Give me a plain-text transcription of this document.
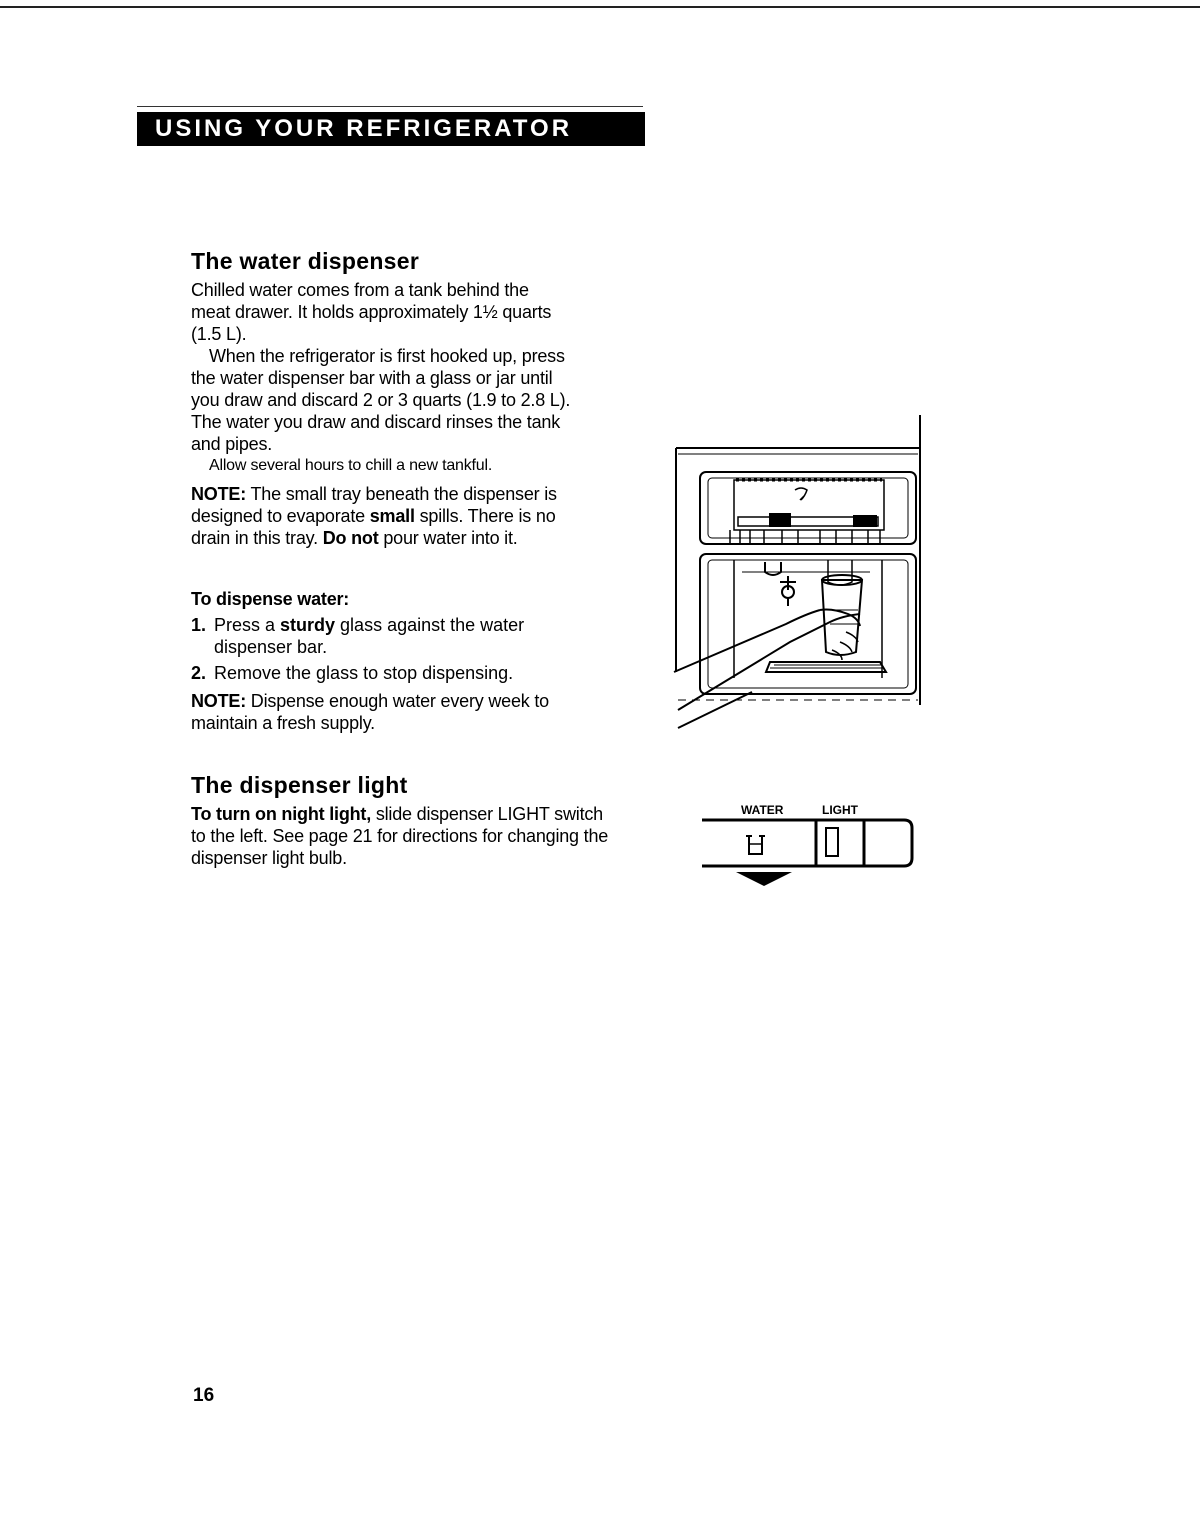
USING YOUR REFRIGERATOR
The water dispenser

Chilled water comes from a tank behind the meat drawer. It holds approximately 1½ quarts (1.5 L).

When the refrigerator is first hooked up, press the water dispenser bar with a glass or jar until you draw and discard 2 or 3 quarts (1.9 to 2.8 L). The water you draw and discard rinses the tank and pipes.

Allow several hours to chill a new tankful.

NOTE: The small tray beneath the dispenser is designed to evaporate small spills. There is no drain in this tray. Do not pour water into it.

To dispense water:

1. Press a sturdy glass against the water dispenser bar.
2. Remove the glass to stop dispensing.

NOTE: Dispense enough water every week to maintain a fresh supply.

The dispenser light

To turn on night light, slide dispenser LIGHT switch to the left. See page 21 for directions for changing the dispenser light bulb.

WATER	LIGHT
16
